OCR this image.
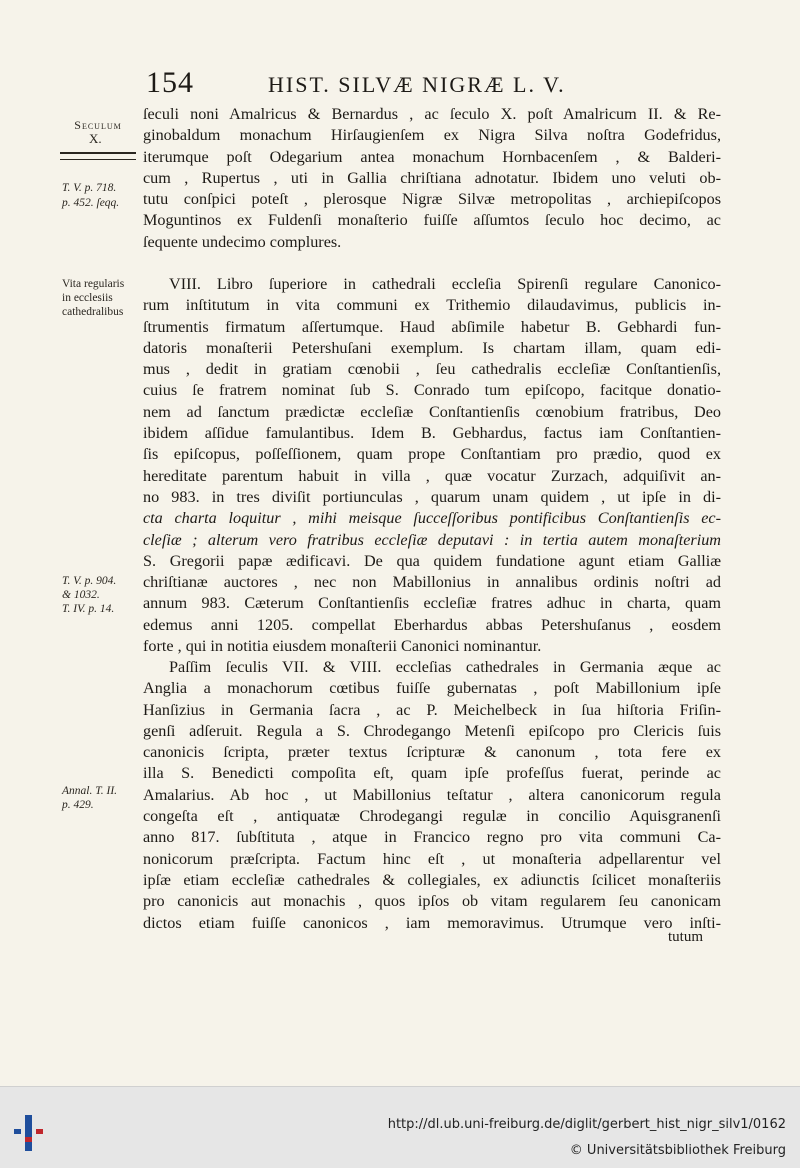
154	HIST. SILVÆ NIGRÆ L. V.
Seculum
X.
T. V. p. 718.
p. 452. ſeqq.
Vita regularis
in ecclesiis
cathedralibus
T. V. p. 904.
& 1032.
T. IV. p. 14.
Annal. T. II.
p. 429.
ſeculi noni Amalricus & Bernardus , ac ſeculo X. poſt Amalricum II. & Re-
ginobaldum monachum Hirſaugienſem ex Nigra Silva noſtra Godefridus,
iterumque poſt Odegarium antea monachum Hornbacenſem , & Balderi-
cum , Rupertus , uti in Gallia chriſtiana adnotatur. Ibidem uno veluti ob-
tutu conſpici poteſt , plerosque Nigræ Silvæ metropolitas , archiepiſcopos
Moguntinos ex Fuldenſi monaſterio fuiſſe aſſumtos ſeculo hoc decimo, ac
ſequente undecimo complures.
VIII. Libro ſuperiore in cathedrali eccleſia Spirenſi regulare Canonico-
rum inſtitutum in vita communi ex Trithemio dilaudavimus, publicis in-
ſtrumentis firmatum aſſertumque. Haud abſimile habetur B. Gebhardi fun-
datoris monaſterii Petershuſani exemplum. Is chartam illam, quam edi-
mus , dedit in gratiam cœnobii , ſeu cathedralis eccleſiæ Conſtantienſis,
cuius ſe fratrem nominat ſub S. Conrado tum epiſcopo, facitque donatio-
nem ad ſanctum prædictæ eccleſiæ Conſtantienſis cœnobium fratribus, Deo
ibidem aſſidue famulantibus. Idem B. Gebhardus, factus iam Conſtantien-
ſis epiſcopus, poſſeſſionem, quam prope Conſtantiam pro prædio, quod ex
hereditate parentum habuit in villa , quæ vocatur Zurzach, adquiſivit an-
no 983. in tres diviſit portiunculas , quarum unam quidem , ut ipſe in di-
cta charta loquitur , mihi meisque ſucceſſoribus pontificibus Conſtantienſis ec-
cleſiæ ; alterum vero fratribus eccleſiæ deputavi : in tertia autem monaſterium
S. Gregorii papæ ædificavi. De qua quidem fundatione agunt etiam Galliæ
chriſtianæ auctores , nec non Mabillonius in annalibus ordinis noſtri ad
annum 983. Cæterum Conſtantienſis eccleſiæ fratres adhuc in charta, quam
edemus anni 1205. compellat Eberhardus abbas Petershuſanus , eosdem
forte , qui in notitia eiusdem monaſterii Canonici nominantur.
Paſſim ſeculis VII. & VIII. eccleſias cathedrales in Germania æque ac
Anglia a monachorum cœtibus fuiſſe gubernatas , poſt Mabillonium ipſe
Hanſizius in Germania ſacra , ac P. Meichelbeck in ſua hiſtoria Friſin-
genſi adſeruit. Regula a S. Chrodegango Metenſi epiſcopo pro Clericis ſuis
canonicis ſcripta, præter textus ſcripturæ & canonum , tota fere ex
illa S. Benedicti compoſita eſt, quam ipſe profeſſus fuerat, perinde ac
Amalarius. Ab hoc , ut Mabillonius teſtatur , altera canonicorum regula
congeſta eſt , antiquatæ Chrodegangi regulæ in concilio Aquisgranenſi
anno 817. ſubſtituta , atque in Francico regno pro vita communi Ca-
nonicorum præſcripta. Factum hinc eſt , ut monaſteria adpellarentur vel
ipſæ etiam eccleſiæ cathedrales & collegiales, ex adiunctis ſcilicet monaſteriis
pro canonicis aut monachis , quos ipſos ob vitam regularem ſeu canonicam
dictos etiam fuiſſe canonicos , iam memoravimus. Utrumque vero inſti-
tutum
http://dl.ub.uni-freiburg.de/diglit/gerbert_hist_nigr_silv1/0162
© Universitätsbibliothek Freiburg
